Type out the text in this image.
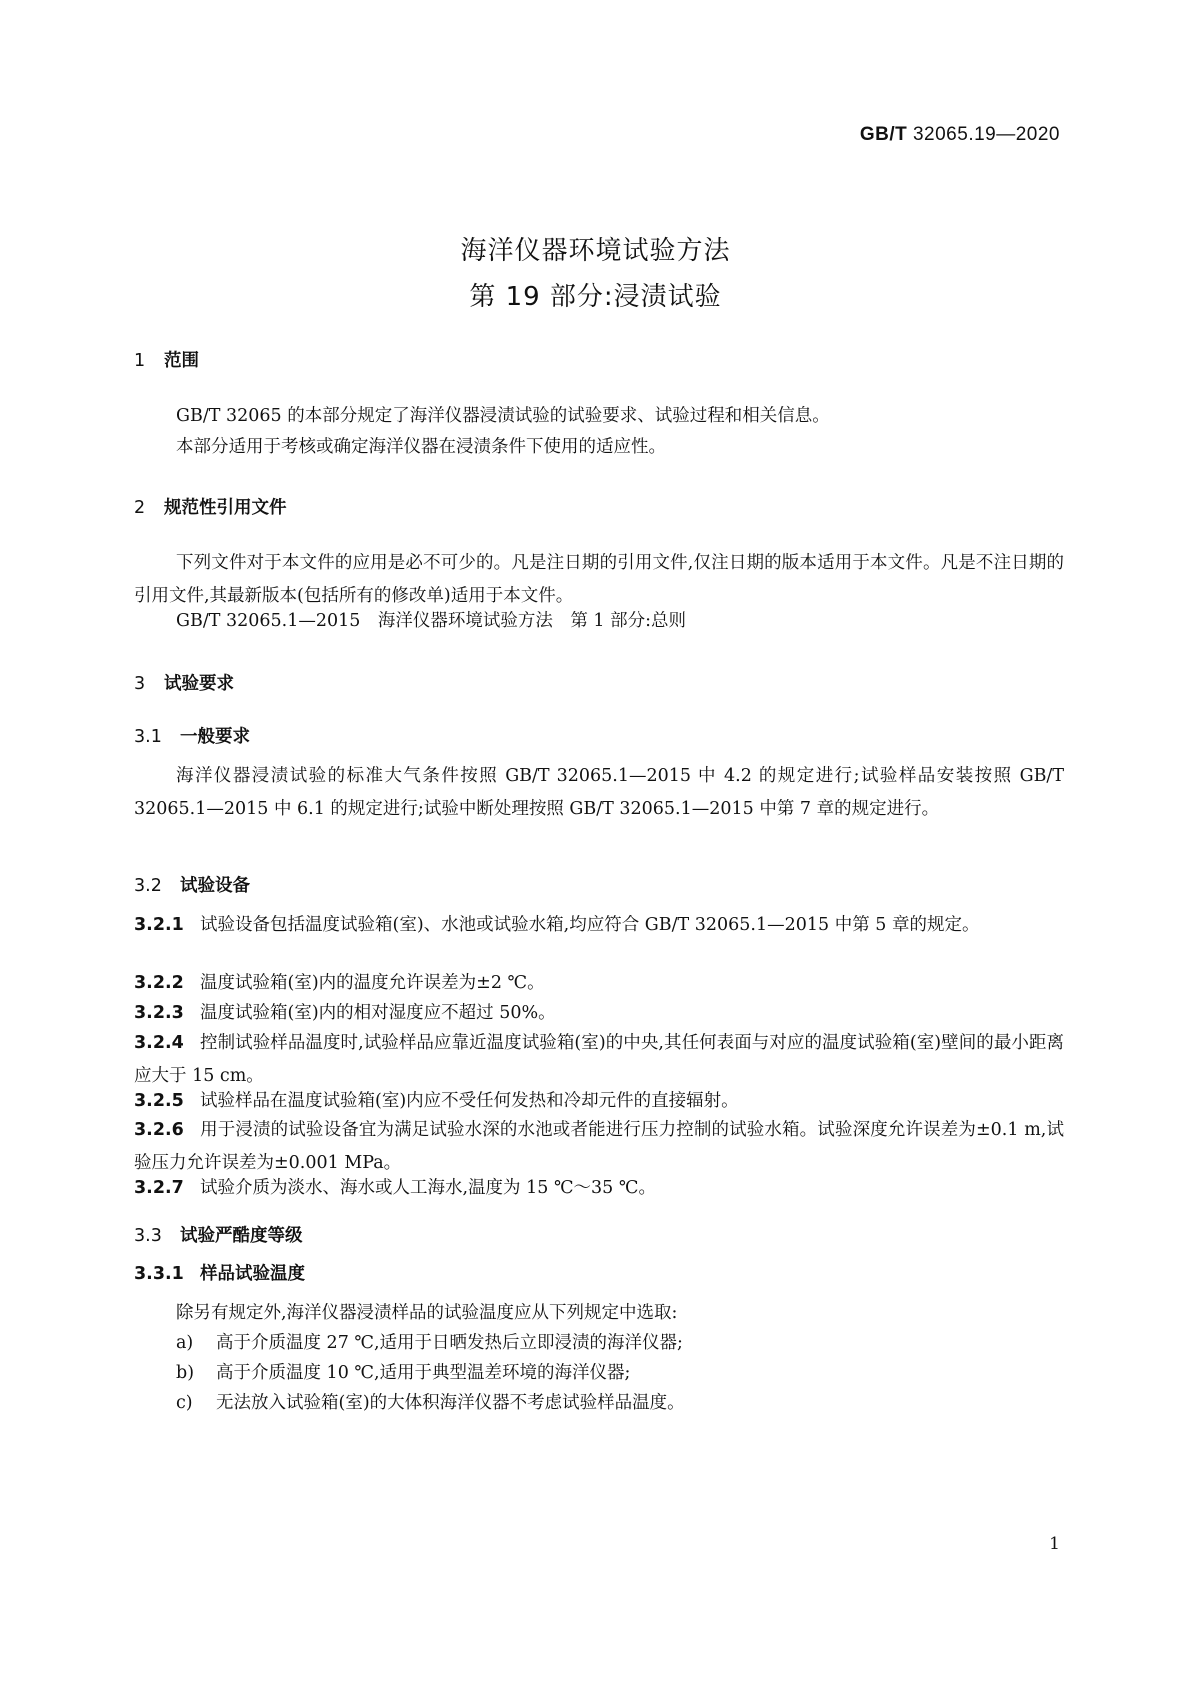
GB/T 32065.19—2020
海洋仪器环境试验方法
第 19 部分:浸渍试验
1 范围
GB/T 32065 的本部分规定了海洋仪器浸渍试验的试验要求、试验过程和相关信息。
本部分适用于考核或确定海洋仪器在浸渍条件下使用的适应性。
2 规范性引用文件
下列文件对于本文件的应用是必不可少的。凡是注日期的引用文件,仅注日期的版本适用于本文件。凡是不注日期的引用文件,其最新版本(包括所有的修改单)适用于本文件。
GB/T 32065.1—2015　海洋仪器环境试验方法　第 1 部分:总则
3 试验要求
3.1 一般要求
海洋仪器浸渍试验的标准大气条件按照 GB/T 32065.1—2015 中 4.2 的规定进行;试验样品安装按照 GB/T 32065.1—2015 中 6.1 的规定进行;试验中断处理按照 GB/T 32065.1—2015 中第 7 章的规定进行。
3.2 试验设备
3.2.1 试验设备包括温度试验箱(室)、水池或试验水箱,均应符合 GB/T 32065.1—2015 中第 5 章的规定。
3.2.2 温度试验箱(室)内的温度允许误差为±2 ℃。
3.2.3 温度试验箱(室)内的相对湿度应不超过 50%。
3.2.4 控制试验样品温度时,试验样品应靠近温度试验箱(室)的中央,其任何表面与对应的温度试验箱(室)壁间的最小距离应大于 15 cm。
3.2.5 试验样品在温度试验箱(室)内应不受任何发热和冷却元件的直接辐射。
3.2.6 用于浸渍的试验设备宜为满足试验水深的水池或者能进行压力控制的试验水箱。试验深度允许误差为±0.1 m,试验压力允许误差为±0.001 MPa。
3.2.7 试验介质为淡水、海水或人工海水,温度为 15 ℃～35 ℃。
3.3 试验严酷度等级
3.3.1 样品试验温度
除另有规定外,海洋仪器浸渍样品的试验温度应从下列规定中选取:
a) 高于介质温度 27 ℃,适用于日晒发热后立即浸渍的海洋仪器;
b) 高于介质温度 10 ℃,适用于典型温差环境的海洋仪器;
c) 无法放入试验箱(室)的大体积海洋仪器不考虑试验样品温度。
1
